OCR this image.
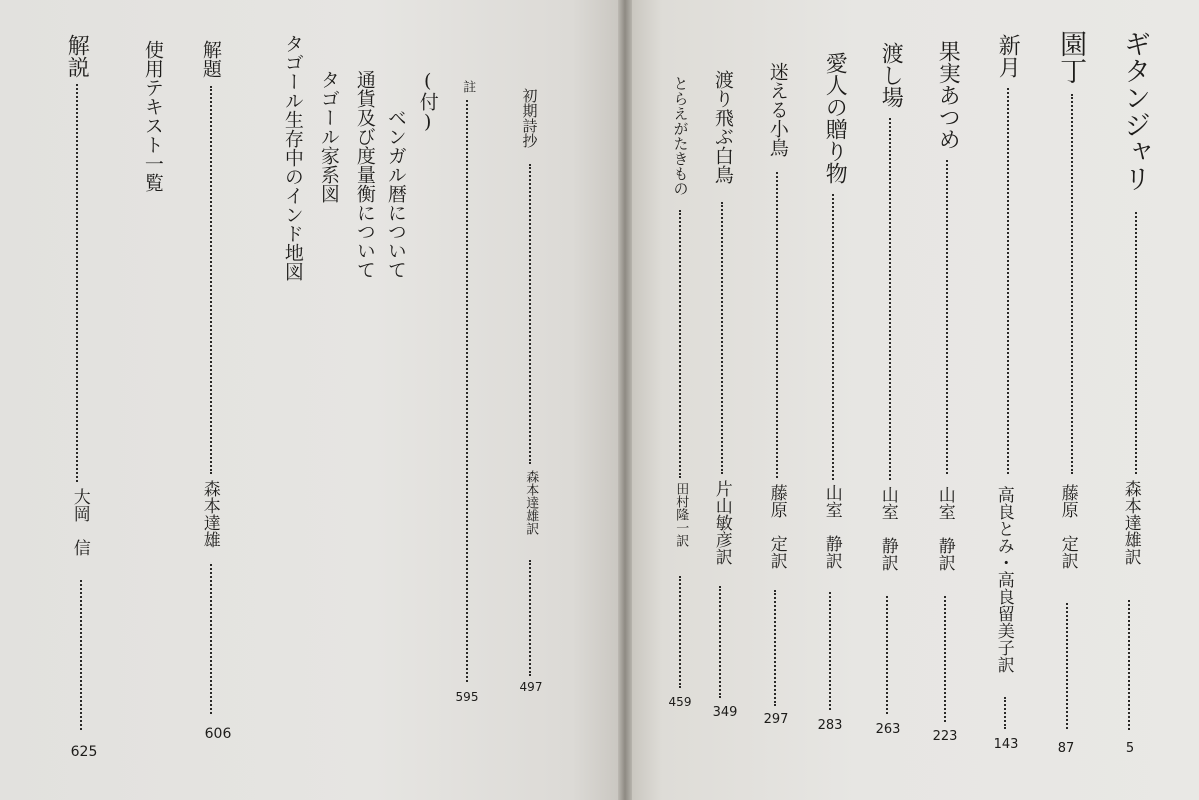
ギタンジャリ
森本達雄訳
5
園丁
藤原　定訳
87
新月
高良とみ・高良留美子訳
143
果実あつめ
山室　静訳
223
渡し場
山室　静訳
263
愛人の贈り物
山室　静訳
283
迷える小鳥
藤原　定訳
297
渡り飛ぶ白鳥
片山敏彦訳
349
とらえがたきもの
田村隆一訳
459
初期詩抄
森本達雄訳
497
註
595
(付)
ベンガル暦について
通貨及び度量衡について
タゴール家系図
タゴール生存中のインド地図
解題
森本達雄
606
使用テキスト一覧
解説
大岡　信
625
